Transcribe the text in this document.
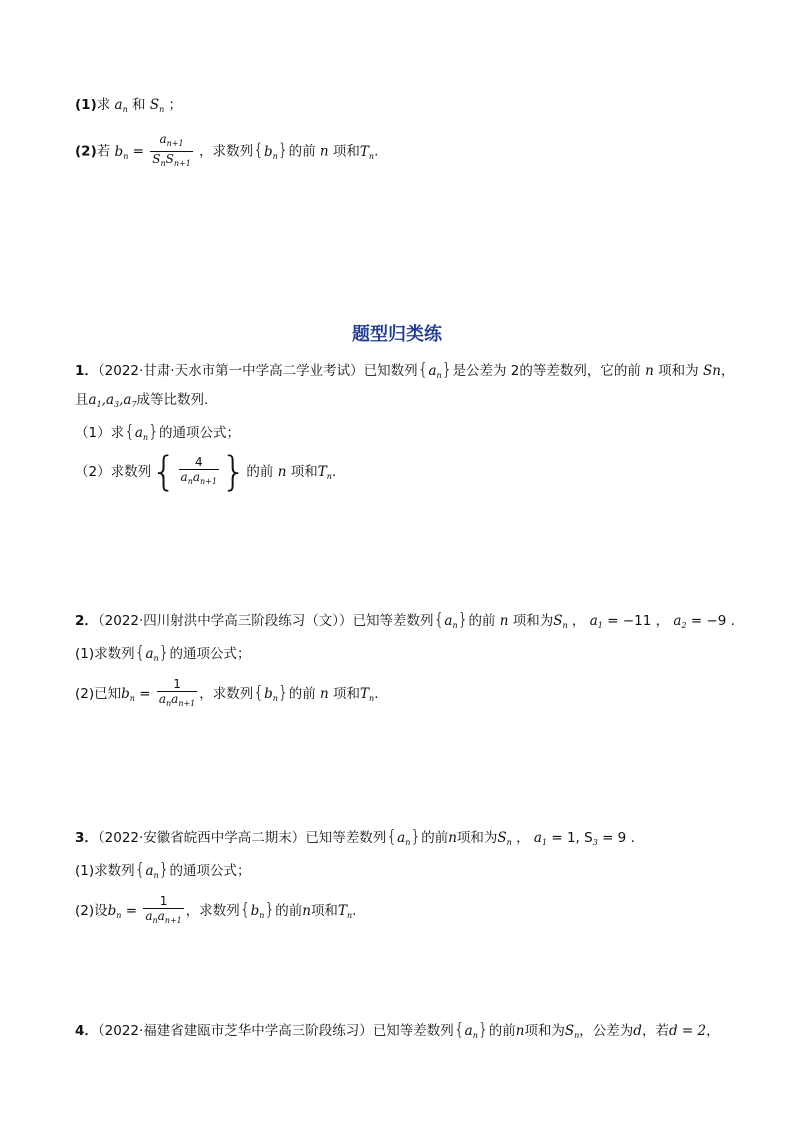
(1)求 $a_n$ 和 $S_n$ ；
(2)若 $b_n = \frac{a_{n+1}}{S_nS_{n+1}}$ ，求数列$\{b_n\}$的前 n 项和$T_n$.
题型归类练
1．（2022·甘肃·天水市第一中学高二学业考试）已知数列$\{a_n\}$是公差为 2的等差数列，它的前 n 项和为 Sn，
且$a_1,a_3,a_7$成等比数列.
（1）求$\{a_n\}$的通项公式；
（2）求数列{ $\frac{4}{a_na_{n+1}}$ }的前 n 项和$T_n$.
2．（2022·四川射洪中学高三阶段练习（文））已知等差数列$\{a_n\}$的前 n 项和为$S_n$ ， $a_1 = -11$ ， $a_2 = -9$ .
(1)求数列$\{a_n\}$的通项公式；
(2)已知$b_n = \frac{1}{a_na_{n+1}}$ ，求数列$\{b_n\}$的前 n 项和$T_n$.
3．（2022·安徽省皖西中学高二期末）已知等差数列$\{a_n\}$的前n项和为$S_n$ ， $a_1 = 1$, $S_3 = 9$ .
(1)求数列$\{a_n\}$的通项公式；
(2)设$b_n = \frac{1}{a_na_{n+1}}$ ，求数列$\{b_n\}$的前n项和$T_n$.
4．（2022·福建省建瓯市芝华中学高三阶段练习）已知等差数列$\{a_n\}$的前n项和为$S_n$，公差为d，若d = 2，
